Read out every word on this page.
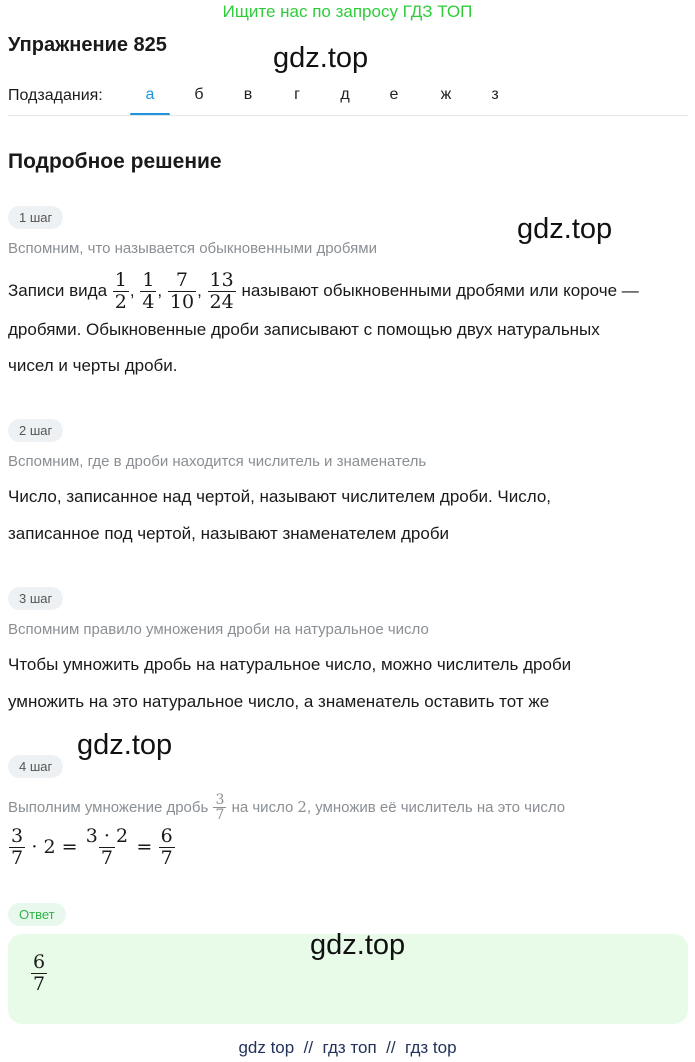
Ищите нас по запросу ГДЗ ТОП
Упражнение 825	gdz.top
Подзадания:	а	б	в	г	д	е	ж	з
Подробное решение
1 шаг	gdz.top
Вспомним, что называется обыкновенными дробями
Записи вида $\frac{1}{2}$ , $\frac{1}{4}$ , $\frac{7}{10}$ , $\frac{13}{24}$ называют обыкновенными дробями или короче —
дробями. Обыкновенные дроби записывают с помощью двух натуральных
чисел и черты дроби.
2 шаг
Вспомним, где в дроби находится числитель и знаменатель
Число, записанное над чертой, называют числителем дроби. Число,
записанное под чертой, называют знаменателем дроби
3 шаг
Вспомним правило умножения дроби на натуральное число
Чтобы умножить дробь на натуральное число, можно числитель дроби
умножить на это натуральное число, а знаменатель оставить тот же
gdz.top
4 шаг
Выполним умножение дробь $\frac{3}{7}$ на число 2, умножив её числитель на это число
$\frac{3}{7} \cdot 2 = \frac{3 \cdot 2}{7} = \frac{6}{7}$
Ответ
gdz.top
$\frac{6}{7}$
gdz top  //  гдз топ  //  гдз top
